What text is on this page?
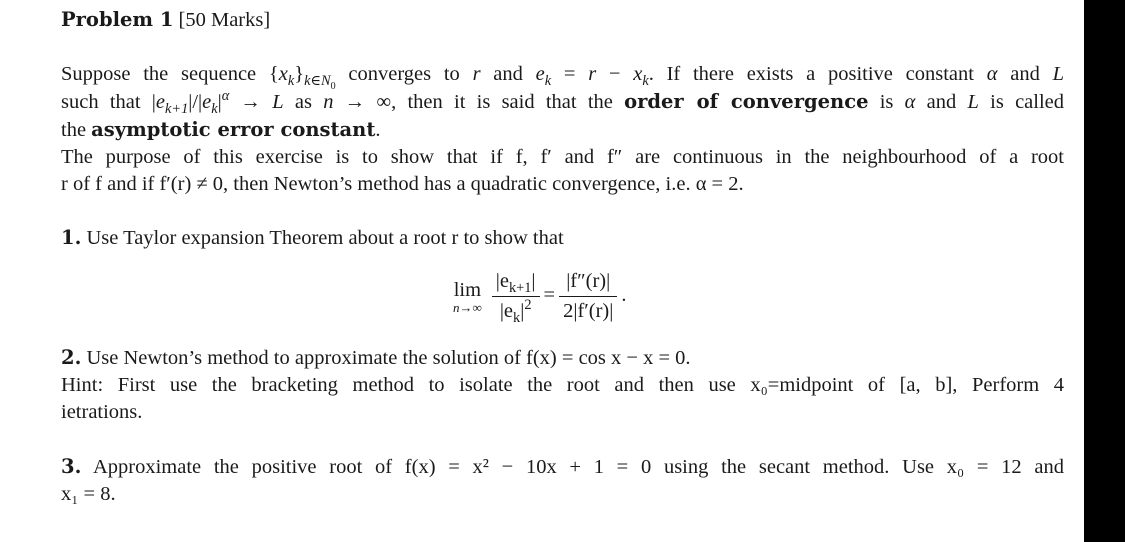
Problem 1 [50 Marks]
Suppose the sequence $\{x_k\}_{k\in N_0}$ converges to r and $e_k = r - x_k$. If there exists a positive constant α and L
such that $|e_{k+1}|/|e_k|^\alpha \to L$ as n → ∞, then it is said that the order of convergence is α and L is called
the asymptotic error constant.
The purpose of this exercise is to show that if f, f′ and f″ are continuous in the neighbourhood of a root
r of f and if f′(r) ≠ 0, then Newton’s method has a quadratic convergence, i.e. α = 2.
1. Use Taylor expansion Theorem about a root r to show that
lim
$n\to\infty \frac{|e_{k+1}|}{|e_k|^2} = \frac{|f''(r)|}{2|f'(r)|}$ .
2. Use Newton’s method to approximate the solution of f(x) = cos x − x = 0.
Hint: First use the bracketing method to isolate the root and then use x₀=midpoint of [a, b], Perform 4
ietrations.
3. Approximate the positive root of f(x) = x² − 10x + 1 = 0 using the secant method. Use x₀ = 12 and
x₁ = 8.
